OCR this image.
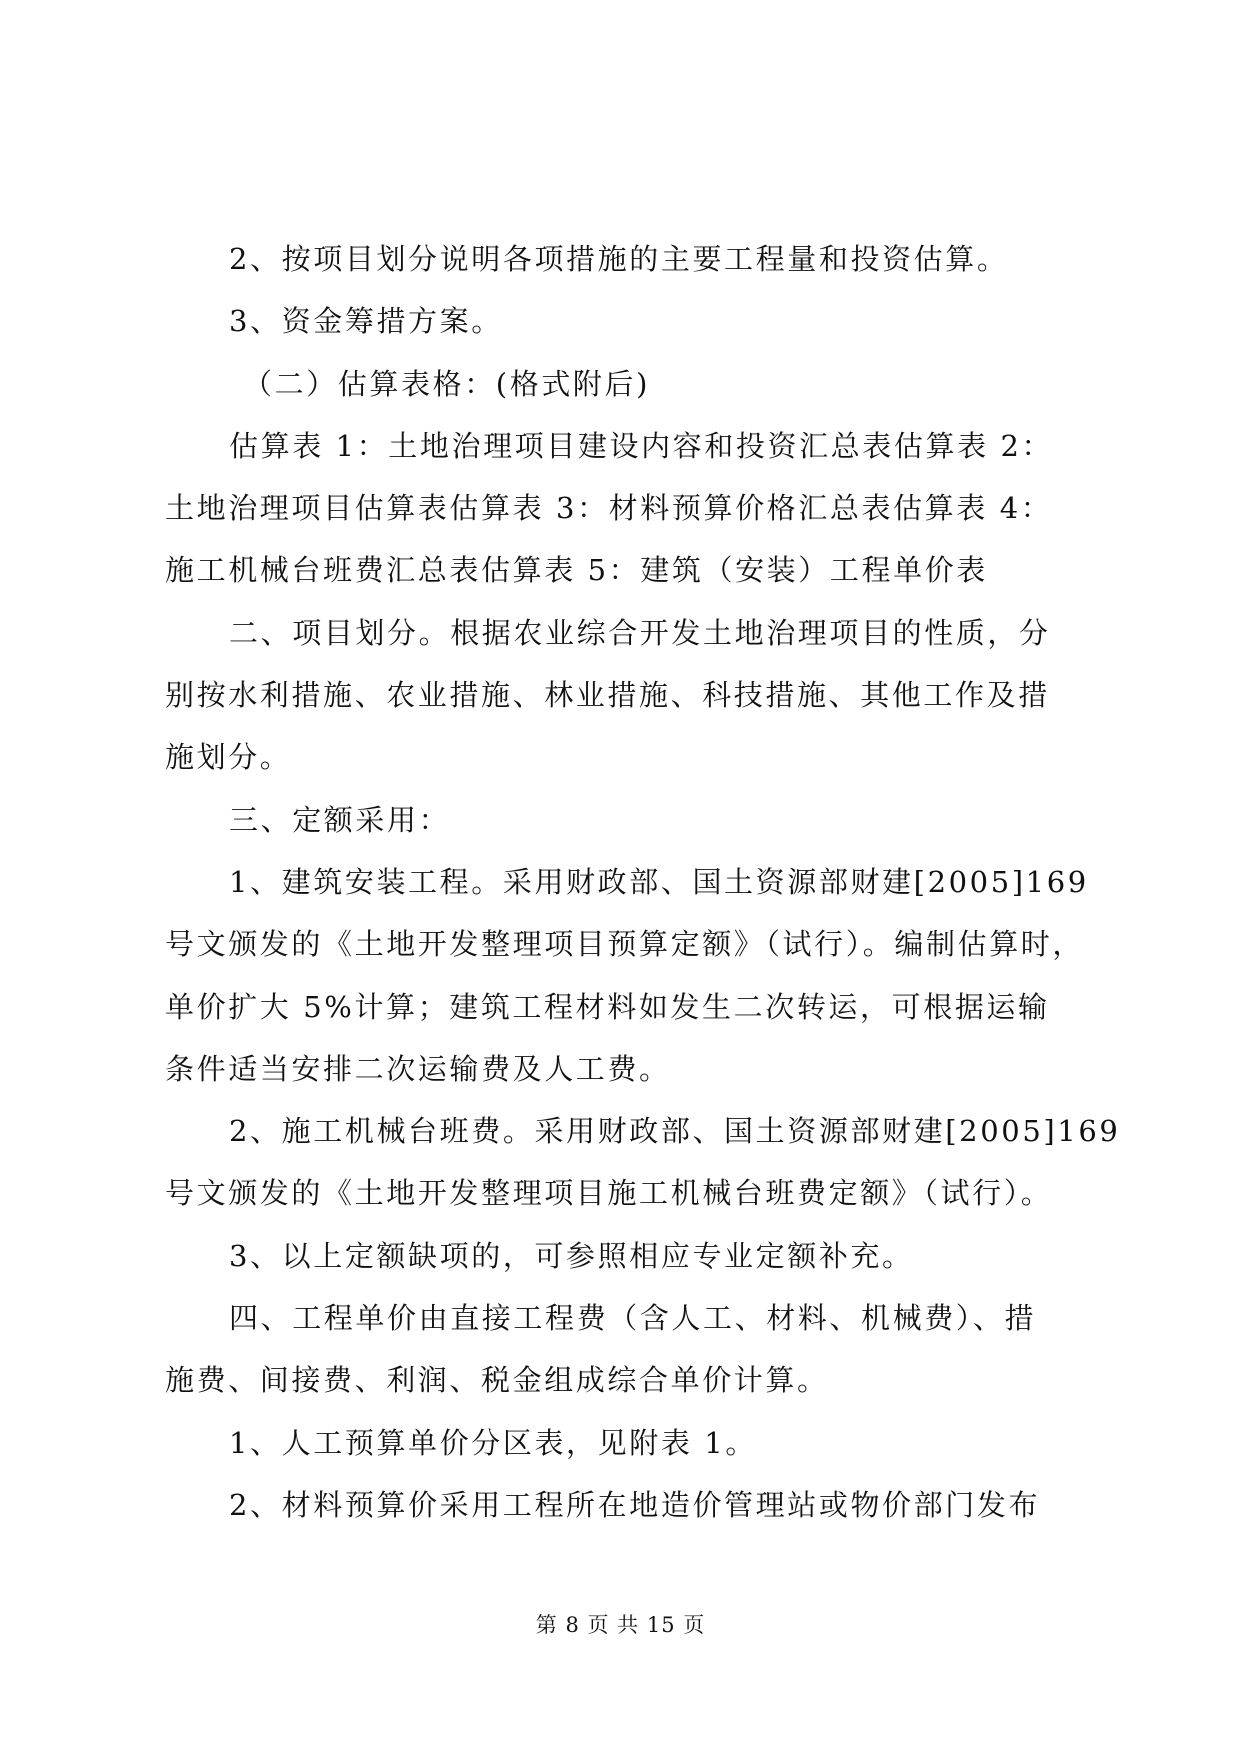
2、按项目划分说明各项措施的主要工程量和投资估算。
3、资金筹措方案。
（二）估算表格：(格式附后)
估算表 1：土地治理项目建设内容和投资汇总表估算表 2：
土地治理项目估算表估算表 3：材料预算价格汇总表估算表 4：
施工机械台班费汇总表估算表 5：建筑（安装）工程单价表
二、项目划分。根据农业综合开发土地治理项目的性质，分
别按水利措施、农业措施、林业措施、科技措施、其他工作及措
施划分。
三、定额采用：
1、建筑安装工程。采用财政部、国土资源部财建[2005]169
号文颁发的《土地开发整理项目预算定额》（试行）。编制估算时，
单价扩大 5%计算；建筑工程材料如发生二次转运，可根据运输
条件适当安排二次运输费及人工费。
2、施工机械台班费。采用财政部、国土资源部财建[2005]169
号文颁发的《土地开发整理项目施工机械台班费定额》（试行）。
3、以上定额缺项的，可参照相应专业定额补充。
四、工程单价由直接工程费（含人工、材料、机械费）、措
施费、间接费、利润、税金组成综合单价计算。
1、人工预算单价分区表，见附表 1。
2、材料预算价采用工程所在地造价管理站或物价部门发布
第 8 页 共 15 页
